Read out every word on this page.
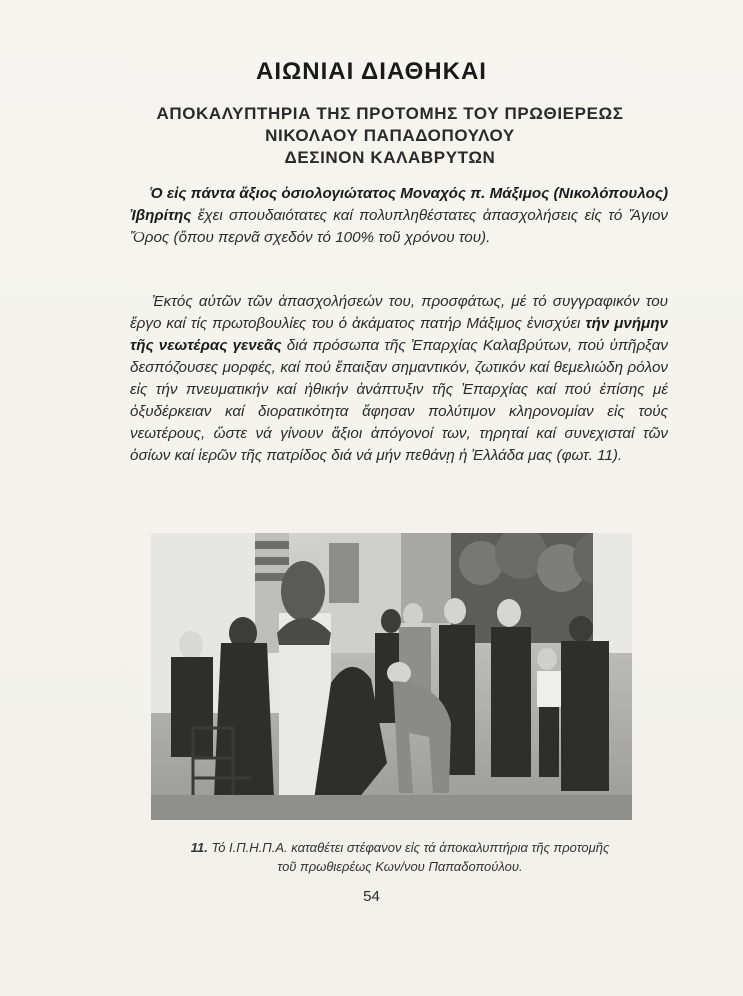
ΑΙΩΝΙΑΙ ΔΙΑΘΗΚΑΙ
ΑΠΟΚΑΛΥΠΤΗΡΙΑ ΤΗΣ ΠΡΟΤΟΜΗΣ ΤΟΥ ΠΡΩΘΙΕΡΕΩΣ
ΝΙΚΟΛΑΟΥ ΠΑΠΑΔΟΠΟΥΛΟΥ
ΔΕΣΙΝΟΝ ΚΑΛΑΒΡΥΤΩΝ
Ὁ εἰς πάντα ἄξιος ὁσιολογιώτατος Μοναχός π. Μάξιμος (Νικολόπουλος) Ἰβηρίτης ἔχει σπουδαιότατες καί πολυπληθέστατες ἀπασχολήσεις εἰς τό Ἅγιον Ὄρος (ὅπου περνᾶ σχεδόν τό 100% τοῦ χρόνου του).
Ἐκτός αὐτῶν τῶν ἀπασχολήσεών του, προσφάτως, μέ τό συγγραφικόν του ἔργο καί τίς πρωτοβουλίες του ὁ ἀκάματος πατήρ Μάξιμος ἐνισχύει τήν μνήμην τῆς νεωτέρας γενεᾶς διά πρόσωπα τῆς Ἐπαρχίας Καλαβρύτων, πού ὑπῆρξαν δεσπόζουσες μορφές, καί πού ἔπαιξαν σημαντικόν, ζωτικόν καί θεμελιώδη ρόλον εἰς τήν πνευματικήν καί ἠθικήν ἀνάπτυξιν τῆς Ἐπαρχίας καί πού ἐπίσης μέ ὀξυδέρκειαν καί διορατικότητα ἄφησαν πολύτιμον κληρονομίαν εἰς τούς νεωτέρους, ὥστε νά γίνουν ἄξιοι ἀπόγονοί των, τηρηταί καί συνεχισταί τῶν ὁσίων καί ἱερῶν τῆς πατρίδος διά νά μήν πεθάνῃ ἡ Ἑλλάδα μας (φωτ. 11).
11. Τό Ι.Π.Η.Π.Α. καταθέτει στέφανον εἰς τά ἀποκαλυπτήρια τῆς προτομῆς
τοῦ πρωθιερέως Κων/νου Παπαδοπούλου.
54
